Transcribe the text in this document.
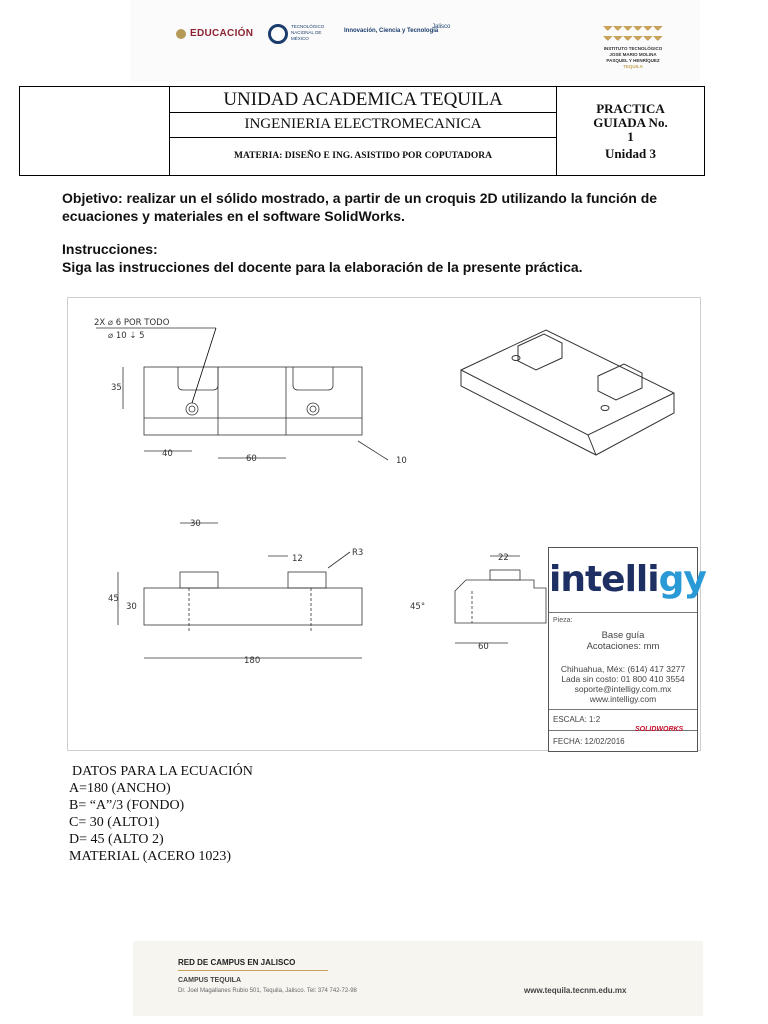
EDUCACIÓN
TECNOLÓGICO NACIONAL DE MÉXICO
Innovación, Ciencia y Tecnología
Jalisco
INSTITUTO TECNOLÓGICO
JOSÉ MARIO MOLINA
PASQUEL Y HENRÍQUEZ
TEQUILA
	UNIDAD ACADEMICA TEQUILA	PRACTICA
GUIADA No.
1
Unidad 3

INGENIERIA ELECTROMECANICA
MATERIA: DISEÑO E ING. ASISTIDO POR COPUTADORA
Objetivo: realizar un el sólido mostrado, a partir de un croquis 2D utilizando la función de ecuaciones y materiales en el software SolidWorks.
Instrucciones:
Siga las instrucciones del docente para la elaboración de la presente práctica.
2X ⌀ 6 POR TODO
⌀ 10 ⇣ 5
35
40	60	10
30
12
R3
45
30
180
22
45°
60
intelligy
Pieza:
Base guía
Acotaciones: mm
Chihuahua, Méx: (614) 417 3277
Lada sin costo: 01 800 410 3554
soporte@intelligy.com.mx
www.intelligy.com
ESCALA: 1:2
SOLIDWORKS
FECHA: 12/02/2016
DATOS PARA LA ECUACIÓN
A=180 (ANCHO)
B= “A”/3 (FONDO)
C= 30 (ALTO1)
D= 45 (ALTO 2)
MATERIAL (ACERO 1023)
RED DE CAMPUS EN JALISCO
CAMPUS TEQUILA
Dr. Joel Magallanes Rubio 501, Tequila, Jalisco. Tel: 374 742-72-98	www.tequila.tecnm.edu.mx
